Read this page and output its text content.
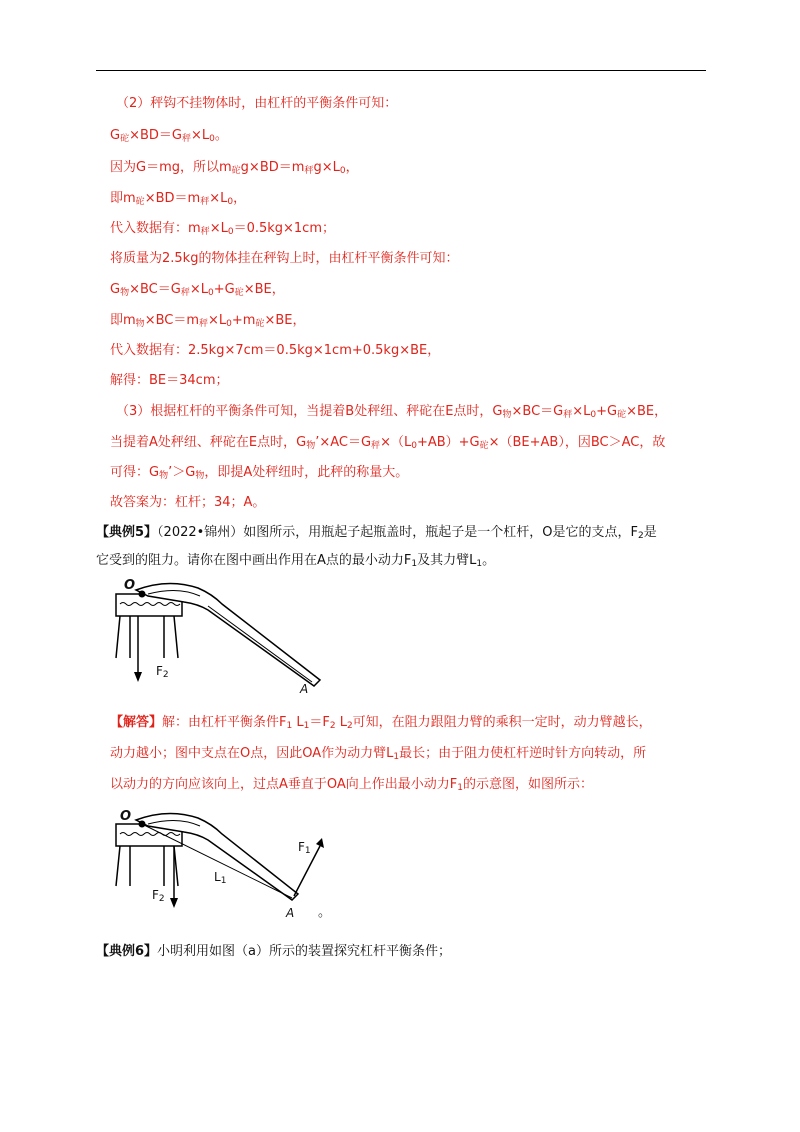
（2）秤钩不挂物体时，由杠杆的平衡条件可知：
$G_砣\times BD=G_秤\times L_0$。
因为G＝mg，所以$m_砣g\times BD=m_秤g\times L_0$，
即$m_砣\times BD=m_秤\times L_0$，
代入数据有：$m_秤\times L_0=0.5kg\times 1cm$；
将质量为2.5kg的物体挂在秤钩上时，由杠杆平衡条件可知：
$G_物\times BC=G_秤\times L_0+G_砣\times BE$，
即$m_物\times BC=m_秤\times L_0+m_砣\times BE$，
代入数据有：2.5kg×7cm＝0.5kg×1cm+0.5kg×BE，
解得：BE＝34cm；
（3）根据杠杆的平衡条件可知，当提着B处秤纽、秤砣在E点时，$G_物\times BC=G_秤\times L_0+G_砣\times BE$，
当提着A处秤纽、秤砣在E点时，$G_物’\times AC=G_秤\times(L_0+AB)+G_砣\times(BE+AB)$，因BC＞AC，故
可得：$G_物’>G_物$，即提A处秤纽时，此秤的称量大。
故答案为：杠杆；34；A。
【典例5】（2022•锦州）如图所示，用瓶起子起瓶盖时，瓶起子是一个杠杆，O是它的支点，$F_2$是
它受到的阻力。请你在图中画出作用在A点的最小动力$F_1$及其力臂$L_1$。
O
$F_2$
A
【解答】解：由杠杆平衡条件$F_1$ $L_1=F_2$ $L_2$可知，在阻力跟阻力臂的乘积一定时，动力臂越长，
动力越小；图中支点在O点，因此OA作为动力臂$L_1$最长；由于阻力使杠杆逆时针方向转动，所
以动力的方向应该向上，过点A垂直于OA向上作出最小动力$F_1$的示意图，如图所示：
O
$F_1$
$L_1$
$F_2$
A 。
【典例6】小明利用如图（a）所示的装置探究杠杆平衡条件；
